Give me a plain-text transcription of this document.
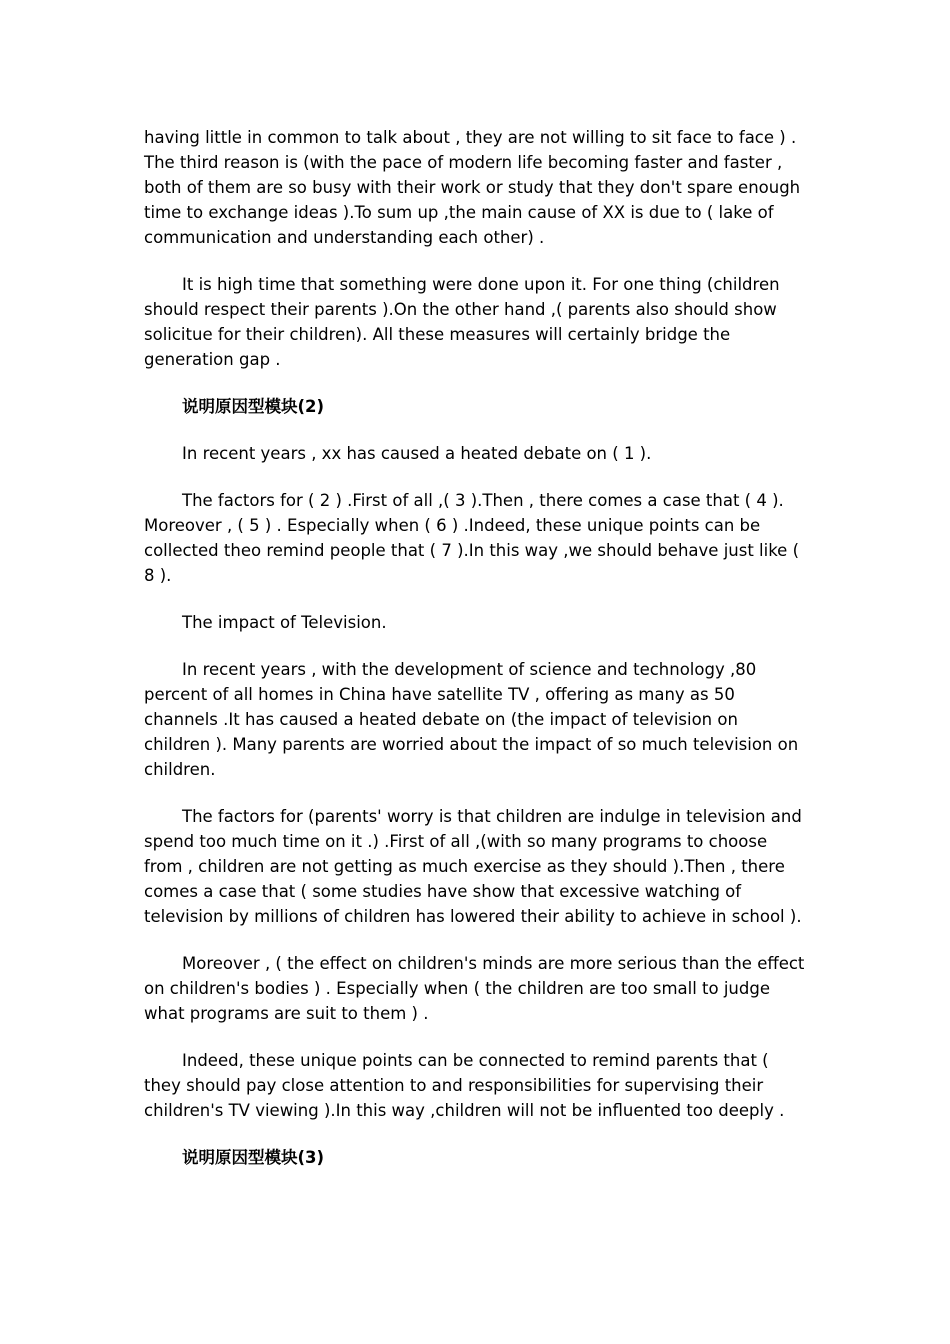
having little in common to talk about , they are not willing to sit face to face ) . The third reason is (with the pace of modern life becoming faster and faster , both of them are so busy with their work or study that they don't spare enough time to exchange ideas ).To sum up ,the main cause of XX is due to ( lake of communication and understanding each other) .

It is high time that something were done upon it. For one thing (children should respect their parents ).On the other hand ,( parents also should show solicitue for their children). All these measures will certainly bridge the generation gap .

说明原因型模块(2)

In recent years , xx has caused a heated debate on ( 1 ).

The factors for ( 2 ) .First of all ,( 3 ).Then , there comes a case that ( 4 ). Moreover , ( 5 ) . Especially when ( 6 ) .Indeed, these unique points can be collected theo remind people that ( 7 ).In this way ,we should behave just like ( 8 ).

The impact of Television.

In recent years , with the development of science and technology ,80 percent of all homes in China have satellite TV , offering as many as 50 channels .It has caused a heated debate on (the impact of television on children ). Many parents are worried about the impact of so much television on children.

The factors for (parents' worry is that children are indulge in television and spend too much time on it .) .First of all ,(with so many programs to choose from , children are not getting as much exercise as they should ).Then , there comes a case that ( some studies have show that excessive watching of television by millions of children has lowered their ability to achieve in school ).

Moreover , ( the effect on children's minds are more serious than the effect on children's bodies ) . Especially when ( the children are too small to judge what programs are suit to them ) .

Indeed, these unique points can be connected to remind parents that ( they should pay close attention to and responsibilities for supervising their children's TV viewing ).In this way ,children will not be influented too deeply .

说明原因型模块(3)
